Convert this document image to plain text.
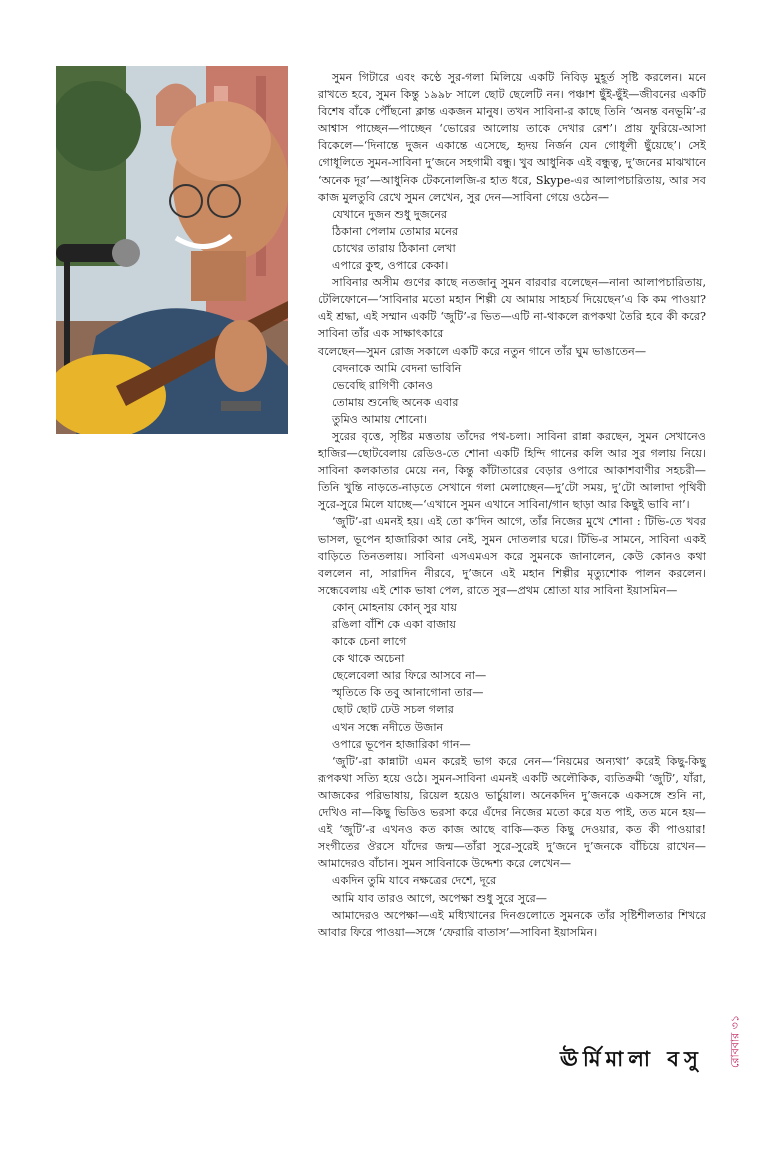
সুমন গিটারে এবং কণ্ঠে সুর-গলা মিলিয়ে একটি নিবিড় মুহূর্ত সৃষ্টি করলেন। মনে রাখতে হবে, সুমন কিন্তু ১৯৯৮ সালে ছোট ছেলেটি নন। পঞ্চাশ ছুঁই-ছুঁই—জীবনের একটি বিশেষ বাঁকে পৌঁছনো ক্লান্ত একজন মানুষ। তখন সাবিনা-র কাছে তিনি ‘অনন্ত বনভূমি’-র আশ্বাস পাচ্ছেন—পাচ্ছেন ‘ভোরের আলোয় তাকে দেখার রেশ’। প্রায় ফুরিয়ে-আসা বিকেলে—‘দিনান্তে দুজন একান্তে এসেছে, হৃদয় নির্জন যেন গোধূলী ছুঁয়েছে’। সেই গোধূলিতে সুমন-সাবিনা দু’জনে সহগামী বন্ধু। খুব আধুনিক এই বন্ধুত্ব, দু’জনের মাঝখানে ‘অনেক দূর’—আধুনিক টেকনোলজি-র হাত ধরে, Skype-এর আলাপচারিতায়, আর সব কাজ মুলতুবি রেখে সুমন লেখেন, সুর দেন—সাবিনা গেয়ে ওঠেন—

যেখানে দুজন শুধু দুজনের
ঠিকানা পেলাম তোমার মনের
চোখের তারায় ঠিকানা লেখা
এপারে কুহু, ওপারে কেকা।

সাবিনার অসীম গুণের কাছে নতজানু সুমন বারবার বলেছেন—নানা আলাপচারিতায়, টেলিফোনে—‘সাবিনার মতো মহান শিল্পী যে আমায় সাহচর্য দিয়েছেন’এ কি কম পাওয়া? এই শ্রদ্ধা, এই সম্মান একটি ‘জুটি’-র ভিত—এটি না-থাকলে রূপকথা তৈরি হবে কী করে? সাবিনা তাঁর এক সাক্ষাৎকারে

বলেছেন—সুমন রোজ সকালে একটি করে নতুন গানে তাঁর ঘুম ভাঙাতেন—

বেদনাকে আমি বেদনা ভাবিনি
ভেবেছি রাগিণী কোনও
তোমায় শুনেছি অনেক এবার
তুমিও আমায় শোনো।

সুরের বৃত্তে, সৃষ্টির মত্ততায় তাঁদের পথ-চলা। সাবিনা রান্না করছেন, সুমন সেখানেও হাজির—ছোটবেলায় রেডিও-তে শোনা একটি হিন্দি গানের কলি আর সুর গলায় নিয়ে। সাবিনা কলকাতার মেয়ে নন, কিন্তু কাঁটাতারের বেড়ার ওপারে আকাশবাণীর সহচরী—তিনি খুন্তি নাড়তে-নাড়তে সেখানে গলা মেলাচ্ছেন—দু’টো সময়, দু’টো আলাদা পৃথিবী সুরে-সুরে মিলে যাচ্ছে—‘এখানে সুমন এখানে সাবিনা/গান ছাড়া আর কিছুই ভাবি না’।

‘জুটি’-রা এমনই হয়। এই তো ক’দিন আগে, তাঁর নিজের মুখে শোনা : টিভি-তে খবর ভাসল, ভূপেন হাজারিকা আর নেই, সুমন দোতলার ঘরে। টিভি-র সামনে, সাবিনা একই বাড়িতে তিনতলায়। সাবিনা এসএমএস করে সুমনকে জানালেন, কেউ কোনও কথা বললেন না, সারাদিন নীরবে, দু’জনে এই মহান শিল্পীর মৃত্যুশোক পালন করলেন। সন্ধেবেলায় এই শোক ভাষা পেল, রাতে সুর—প্রথম শ্রোতা যার সাবিনা ইয়াসমিন—

কোন্ মোহনায় কোন্ সুর যায়
রঙিলা বাঁশি কে একা বাজায়
কাকে চেনা লাগে
কে থাকে অচেনা
ছেলেবেলা আর ফিরে আসবে না—
স্মৃতিতে কি তবু আনাগোনা তার—
ছোট ছোট ঢেউ সচল গলার
এখন সন্ধে নদীতে উজান
ওপারে ভূপেন হাজারিকা গান—

‘জুটি’-রা কান্নাটা এমন করেই ভাগ করে নেন—‘নিয়মের অন্যথা’ করেই কিছু-কিছু রূপকথা সত্যি হয়ে ওঠে। সুমন-সাবিনা এমনই একটি অলৌকিক, ব্যতিক্রমী ‘জুটি’, যাঁরা, আজকের পরিভাষায়, রিয়েল হয়েও ভার্চুয়াল। অনেকদিন দু’জনকে একসঙ্গে শুনি না, দেখিও না—কিছু ভিডিও ভরসা করে এঁদের নিজের মতো করে যত পাই, তত মনে হয়—এই ‘জুটি’-র এখনও কত কাজ আছে বাকি—কত কিছু দেওয়ার, কত কী পাওয়ার! সংগীতের ঔরসে যাঁদের জন্ম—তাঁরা সুরে-সুরেই দু’জনে দু’জনকে বাঁচিয়ে রাখেন—আমাদেরও বাঁচান। সুমন সাবিনাকে উদ্দেশ্য করে লেখেন—

একদিন তুমি যাবে নক্ষত্রের দেশে, দূরে
আমি যাব তারও আগে, অপেক্ষা শুধু সুরে সুরে—

আমাদেরও অপেক্ষা—এই মধ্যিখানের দিনগুলোতে সুমনকে তাঁর সৃষ্টিশীলতার শিখরে আবার ফিরে পাওয়া—সঙ্গে ‘ফেরারি বাতাস’—সাবিনা ইয়াসমিন।

ঊর্মিমালা বসু রোববার ৩১
